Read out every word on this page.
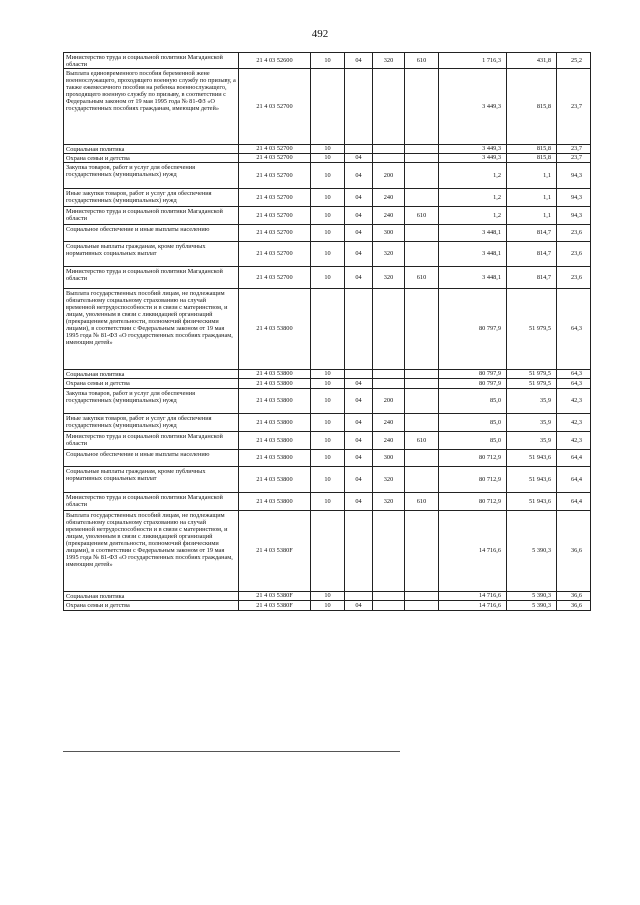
492
Министерство труда и социальной политики Магаданской области	21 4 03 52600	10	04	320	610	1 716,3	431,8	25,2
Выплата единовременного пособия беременной жене военнослужащего, проходящего военную службу по призыву, а также ежемесячного пособия на ребенка военнослужащего, проходящего военную службу по призыву, в соответствии с Федеральным законом от 19 мая 1995 года № 81-ФЗ «О государственных пособиях гражданам, имеющим детей»	21 4 03 52700					3 449,3	815,8	23,7
Социальная политика	21 4 03 52700	10				3 449,3	815,8	23,7
Охрана семьи и детства	21 4 03 52700	10	04			3 449,3	815,8	23,7
Закупка товаров, работ и услуг для обеспечения государственных (муниципальных) нужд	21 4 03 52700	10	04	200		1,2	1,1	94,3
Иные закупки товаров, работ и услуг для обеспечения государственных (муниципальных) нужд	21 4 03 52700	10	04	240		1,2	1,1	94,3
Министерство труда и социальной политики Магаданской области	21 4 03 52700	10	04	240	610	1,2	1,1	94,3
Социальное обеспечение и иные выплаты населению	21 4 03 52700	10	04	300		3 448,1	814,7	23,6
Социальные выплаты гражданам, кроме публичных нормативных социальных выплат	21 4 03 52700	10	04	320		3 448,1	814,7	23,6
Министерство труда и социальной политики Магаданской области	21 4 03 52700	10	04	320	610	3 448,1	814,7	23,6
Выплата государственных пособий лицам, не подлежащим обязательному социальному страхованию на случай временной нетрудоспособности и в связи с материнством, и лицам, уволенным в связи с ликвидацией организаций (прекращением деятельности, полномочий физическими лицами), в соответствии с Федеральным законом от 19 мая 1995 года № 81-ФЗ «О государственных пособиях гражданам, имеющим детей»	21 4 03 53800					80 797,9	51 979,5	64,3
Социальная политика	21 4 03 53800	10				80 797,9	51 979,5	64,3
Охрана семьи и детства	21 4 03 53800	10	04			80 797,9	51 979,5	64,3
Закупка товаров, работ и услуг для обеспечения государственных (муниципальных) нужд	21 4 03 53800	10	04	200		85,0	35,9	42,3
Иные закупки товаров, работ и услуг для обеспечения государственных (муниципальных) нужд	21 4 03 53800	10	04	240		85,0	35,9	42,3
Министерство труда и социальной политики Магаданской области	21 4 03 53800	10	04	240	610	85,0	35,9	42,3
Социальное обеспечение и иные выплаты населению	21 4 03 53800	10	04	300		80 712,9	51 943,6	64,4
Социальные выплаты гражданам, кроме публичных нормативных социальных выплат	21 4 03 53800	10	04	320		80 712,9	51 943,6	64,4
Министерство труда и социальной политики Магаданской области	21 4 03 53800	10	04	320	610	80 712,9	51 943,6	64,4
Выплата государственных пособий лицам, не подлежащим обязательному социальному страхованию на случай временной нетрудоспособности и в связи с материнством, и лицам, уволенным в связи с ликвидацией организаций (прекращением деятельности, полномочий физическими лицами), в соответствии с Федеральным законом от 19 мая 1995 года № 81-ФЗ «О государственных пособиях гражданам, имеющим детей»	21 4 03 5380F					14 716,6	5 390,3	36,6
Социальная политика	21 4 03 5380F	10				14 716,6	5 390,3	36,6
Охрана семьи и детства	21 4 03 5380F	10	04			14 716,6	5 390,3	36,6
